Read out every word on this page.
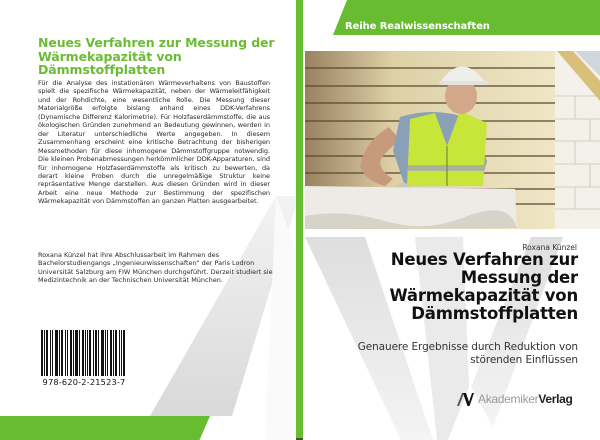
Neues Verfahren zur Messung der
Wärmekapazität von
Dämmstoffplatten

Für die Analyse des instationären Wärmeverhaltens von Baustoffen spielt die spezifische Wärmekapazität, neben der Wärmeleitfähigkeit und der Rohdichte, eine wesentliche Rolle. Die Messung dieser Materialgröße erfolgte bislang anhand eines DDK-Verfahrens (Dynamische Differenz Kalorimetrie). Für Holzfaserdämmstoffe, die aus ökologischen Gründen zunehmend an Bedeutung gewinnen, werden in der Literatur unterschiedliche Werte angegeben. In diesem Zusammenhang erscheint eine kritische Betrachtung der bisherigen Messmethoden für diese inhomogene Dämmstoffgruppe notwendig. Die kleinen Probenabmessungen herkömmlicher DDK-Apparaturen, sind für inhomogene Holzfaserdämmstoffe als kritisch zu bewerten, da derart kleine Proben durch die unregelmäßige Struktur keine repräsentative Menge darstellen. Aus diesen Gründen wird in dieser Arbeit eine neue Methode zur Bestimmung der spezifischen Wärmekapazität von Dämmstoffen an ganzen Platten ausgearbeitet.

Roxana Künzel hat ihre Abschlussarbeit im Rahmen des Bachelorstudiengangs „Ingenieurwissenschaften“ der Paris Lodron Universität Salzburg am FIW München durchgeführt. Derzeit studiert sie Medizintechnik an der Technischen Universität München.

978-620-2-21523-7
Reihe Realwissenschaften
Roxana Künzel
Neues Verfahren zur
Messung der
Wärmekapazität von
Dämmstoffplatten
Genauere Ergebnisse durch Reduktion von
störenden Einflüssen
AkademikerVerlag
